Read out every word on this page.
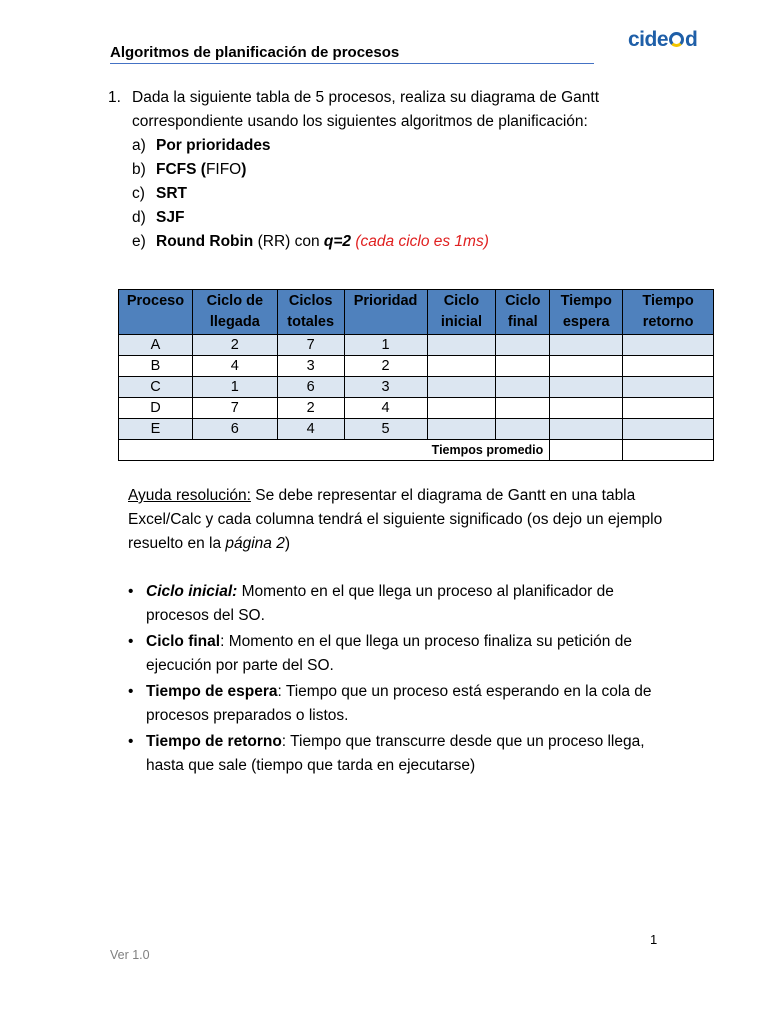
Algoritmos de planificación de procesos
cide d
1. Dada la siguiente tabla de 5 procesos, realiza su diagrama de Gantt
correspondiente usando los siguientes algoritmos de planificación:
a) Por prioridades
b) FCFS (FIFO)
c) SRT
d) SJF
e) Round Robin (RR) con q=2 (cada ciclo es 1ms)
Proceso	Ciclo de llegada	Ciclos totales	Prioridad	Ciclo inicial	Ciclo final	Tiempo espera	Tiempo retorno
A	2	7	1				
B	4	3	2				
C	1	6	3				
D	7	2	4				
E	6	4	5				
Tiempos promedio							
Ayuda resolución: Se debe representar el diagrama de Gantt en una tabla Excel/Calc y cada columna tendrá el siguiente significado (os dejo un ejemplo resuelto en la página 2)
• Ciclo inicial: Momento en el que llega un proceso al planificador de procesos del SO.
• Ciclo final: Momento en el que llega un proceso finaliza su petición de ejecución por parte del SO.
• Tiempo de espera: Tiempo que un proceso está esperando en la cola de procesos preparados o listos.
• Tiempo de retorno: Tiempo que transcurre desde que un proceso llega, hasta que sale (tiempo que tarda en ejecutarse)
1
Ver 1.0
